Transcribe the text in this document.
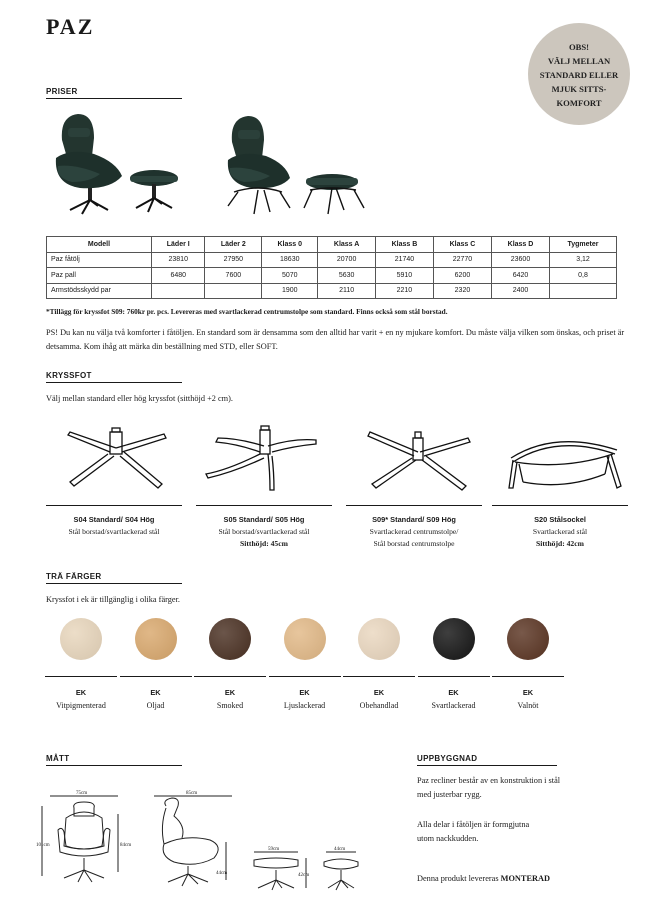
PAZ
OBS!
VÄLJ MELLAN
STANDARD ELLER
MJUK SITTS-
KOMFORT
PRISER
Modell	Läder I	Läder 2	Klass 0	Klass A	Klass B	Klass C	Klass D	Tygmeter
Paz fåtölj	23810	27950	18630	20700	21740	22770	23600	3,12
Paz pall	6480	7600	5070	5630	5910	6200	6420	0,8
Armstödsskydd par			1900	2110	2210	2320	2400	
*Tillägg för kryssfot S09: 760kr pr. pcs. Levereras med svartlackerad centrumstolpe som standard. Finns också som stål borstad.
PS! Du kan nu välja två komforter i fåtöljen. En standard som är densamma som den alltid har varit + en ny mjukare komfort. Du måste välja vilken som önskas, och priset är detsamma. Kom ihåg att märka din beställning med STD, eller SOFT.
KRYSSFOT
Välj mellan standard eller hög kryssfot (sitthöjd +2 cm).
S04 Standard/ S04 Hög
Stål borstad/svartlackerad stål
S05 Standard/ S05 Hög
Stål borstad/svartlackerad stål
Sitthöjd: 45cm
S09* Standard/ S09 Hög
Svartlackerad centrumstolpe/
Stål borstad centrumstolpe
S20 Stålsockel
Svartlackerad stål
Sitthöjd: 42cm
TRÄ FÄRGER
Kryssfot i ek är tillgänglig i olika färger.
EK
Vitpigmenterad
EK
Oljad
EK
Smoked
EK
Ljuslackerad
EK
Obehandlad
EK
Svartlackerad
EK
Valnöt
MÅTT
75cm
101cm	84cm
85cm
44cm
59cm
42cm
44cm
UPPBYGGNAD
Paz recliner består av en konstruktion i stål
med justerbar rygg.
Alla delar i fåtöljen är formgjutna
utom nackkudden.
Denna produkt levereras MONTERAD
